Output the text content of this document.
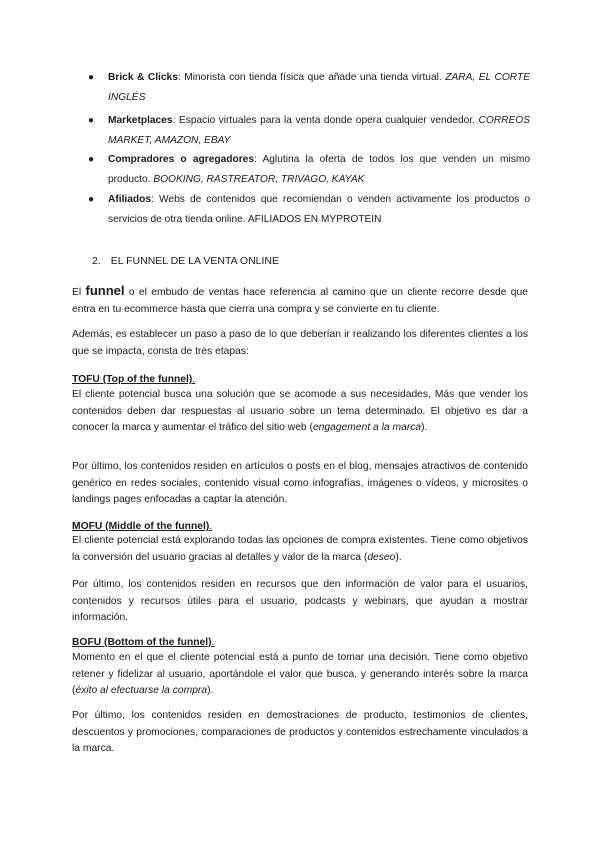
● Brick & Clicks: Minorista con tienda física que añade una tienda virtual. ZARA, EL CORTE INGLÉS
● Marketplaces: Espacio virtuales para la venta donde opera cualquier vendedor. CORREOS MARKET, AMAZON, EBAY
● Compradores o agregadores: Aglutina la oferta de todos los que venden un mismo producto. BOOKING, RASTREATOR, TRIVAGO, KAYAK
● Afiliados: Webs de contenidos que recomiendan o venden activamente los productos o servicios de otra tienda online. AFILIADOS EN MYPROTEIN
2. EL FUNNEL DE LA VENTA ONLINE

El funnel o el embudo de ventas hace referencia al camino que un cliente recorre desde que entra en tu ecommerce hasta que cierra una compra y se convierte en tu cliente.

Además, es establecer un paso a paso de lo que deberían ir realizando los diferentes clientes a los que se impacta, consta de tres etapas:

TOFU (Top of the funnel).

El cliente potencial busca una solución que se acomode a sus necesidades, Más que vender los contenidos deben dar respuestas al usuario sobre un tema determinado. El objetivo es dar a conocer la marca y aumentar el tráfico del sitio web (engagement a la marca).

Por último, los contenidos residen en artículos o posts en el blog, mensajes atractivos de contenido genérico en redes sociales, contenido visual como infografías, imágenes o vídeos, y microsites o landings pages enfocadas a captar la atención.

MOFU (Middle of the funnel).

El cliente potencial está explorando todas las opciones de compra existentes. Tiene como objetivos la conversión del usuario gracias al detalles y valor de la marca (deseo).

Por último, los contenidos residen en recursos que den información de valor para el usuarios, contenidos y recursos útiles para el usuario, podcasts y webinars, que ayudan a mostrar información.

BOFU (Bottom of the funnel).

Momento en el que el cliente potencial está a punto de tomar una decisión. Tiene como objetivo retener y fidelizar al usuario, aportándole el valor que busca, y generando interés sobre la marca (éxito al efectuarse la compra).

Por último, los contenidos residen en demostraciones de producto, testimonios de clientes, descuentos y promociones, comparaciones de productos y contenidos estrechamente vinculados a la marca.
